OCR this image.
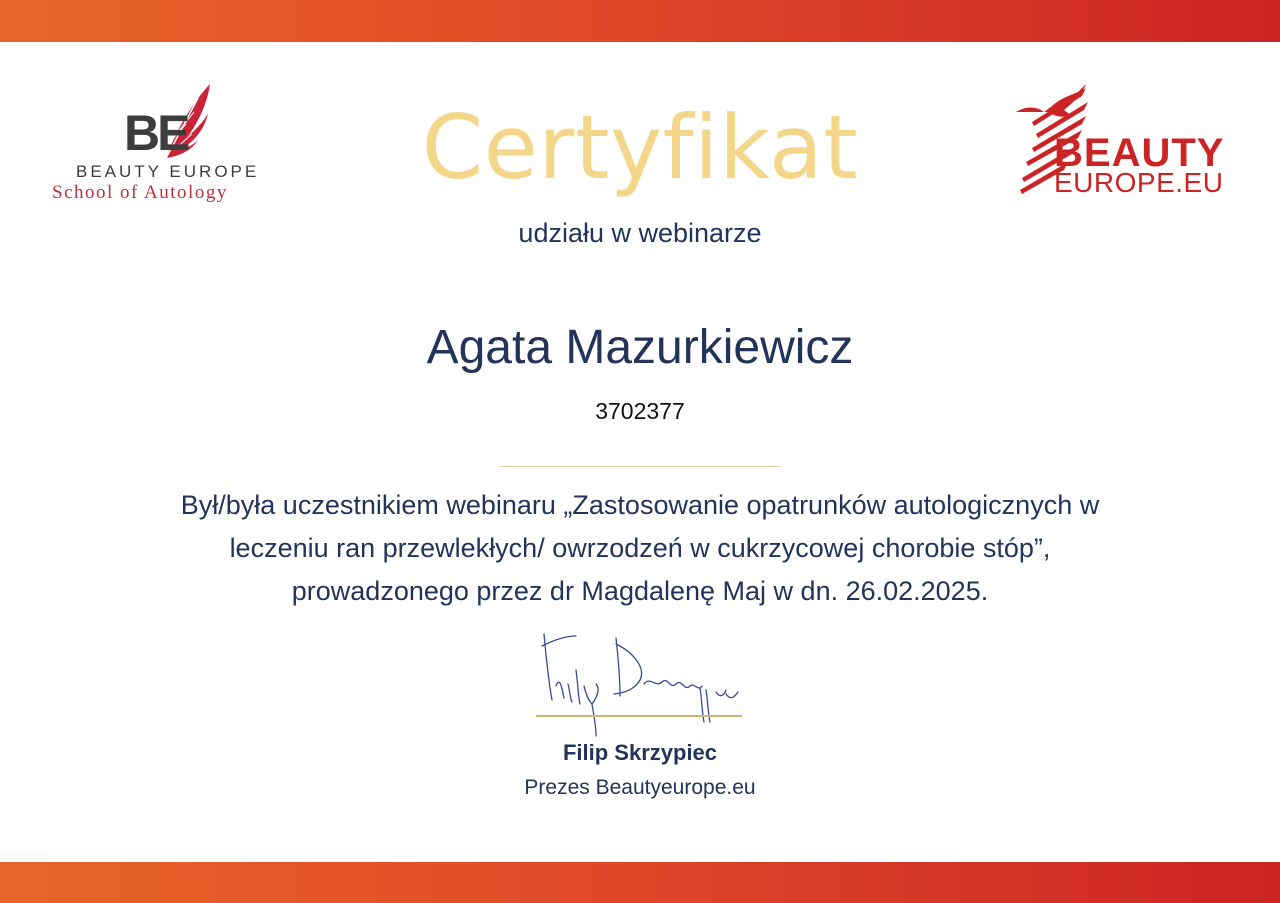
BE
BEAUTY EUROPE
School of Autology
BEAUTY
EUROPE.EU
Certyfikat
udziału w webinarze
Agata Mazurkiewicz
3702377
Był/była uczestnikiem webinaru „Zastosowanie opatrunków autologicznych w leczeniu ran przewlekłych/ owrzodzeń w cukrzycowej chorobie stóp”, prowadzonego przez dr Magdalenę Maj w dn. 26.02.2025.
Filip Skrzypiec
Prezes Beautyeurope.eu
